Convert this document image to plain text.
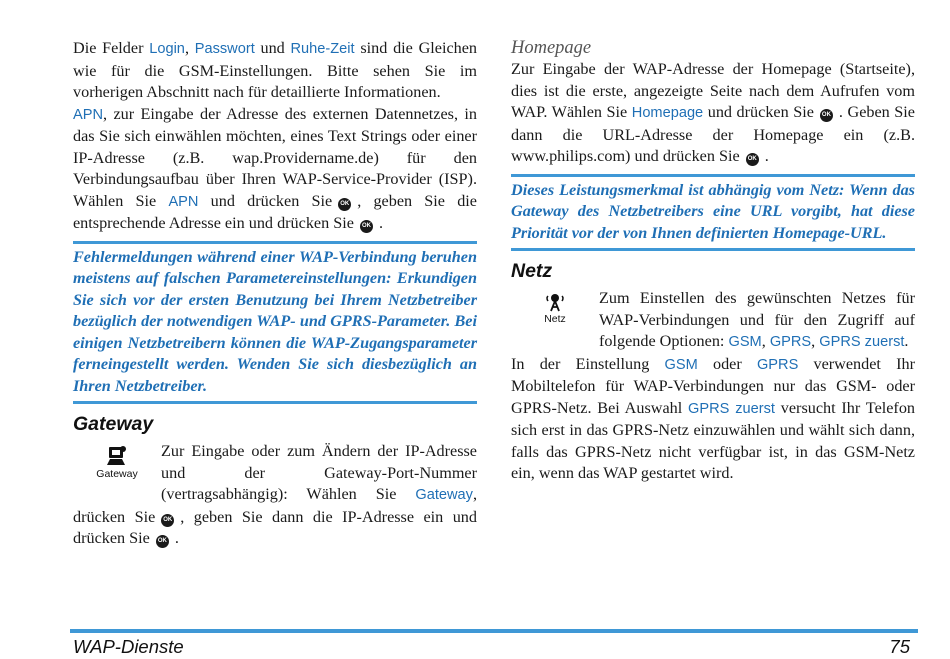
Die Felder Login, Passwort und Ruhe-Zeit sind die Gleichen wie für die GSM-Einstellungen. Bitte sehen Sie im vorherigen Abschnitt nach für detaillierte Informationen.

APN, zur Eingabe der Adresse des externen Datennetzes, in das Sie sich einwählen möchten, eines Text Strings oder einer IP-Adresse (z.B. wap.Providername.de) für den Verbindungsaufbau über Ihren WAP-Service-Provider (ISP). Wählen Sie APN und drücken Sie OK , geben Sie die entsprechende Adresse ein und drücken Sie OK .

Fehlermeldungen während einer WAP-Verbindung beruhen meistens auf falschen Parametereinstellungen: Erkundigen Sie sich vor der ersten Benutzung bei Ihrem Netzbetreiber bezüglich der notwendigen WAP- und GPRS-Parameter. Bei einigen Netzbetreibern können die WAP-Zugangsparameter ferneingestellt werden. Wenden Sie sich diesbezüglich an Ihren Netzbetreiber.

Gateway

Gateway
Zur Eingabe oder zum Ändern der IP-Adresse und der Gateway-Port-Nummer (vertragsabhängig): Wählen Sie Gateway, drücken Sie OK , geben Sie dann die IP-Adresse ein und drücken Sie OK .

Homepage

Zur Eingabe der WAP-Adresse der Homepage (Startseite), dies ist die erste, angezeigte Seite nach dem Aufrufen vom WAP. Wählen Sie Homepage und drücken Sie OK . Geben Sie dann die URL-Adresse der Homepage ein (z.B. www.philips.com) und drücken Sie OK .

Dieses Leistungsmerkmal ist abhängig vom Netz: Wenn das Gateway des Netzbetreibers eine URL vorgibt, hat diese Priorität vor der von Ihnen definierten Homepage-URL.

Netz

Netz
Zum Einstellen des gewünschten Netzes für WAP-Verbindungen und für den Zugriff auf folgende Optionen: GSM, GPRS, GPRS zuerst.

In der Einstellung GSM oder GPRS verwendet Ihr Mobiltelefon für WAP-Verbindungen nur das GSM- oder GPRS-Netz. Bei Auswahl GPRS zuerst versucht Ihr Telefon sich erst in das GPRS-Netz einzuwählen und wählt sich dann, falls das GPRS-Netz nicht verfügbar ist, in das GSM-Netz ein, wenn das WAP gestartet wird.

WAP-Dienste	75
